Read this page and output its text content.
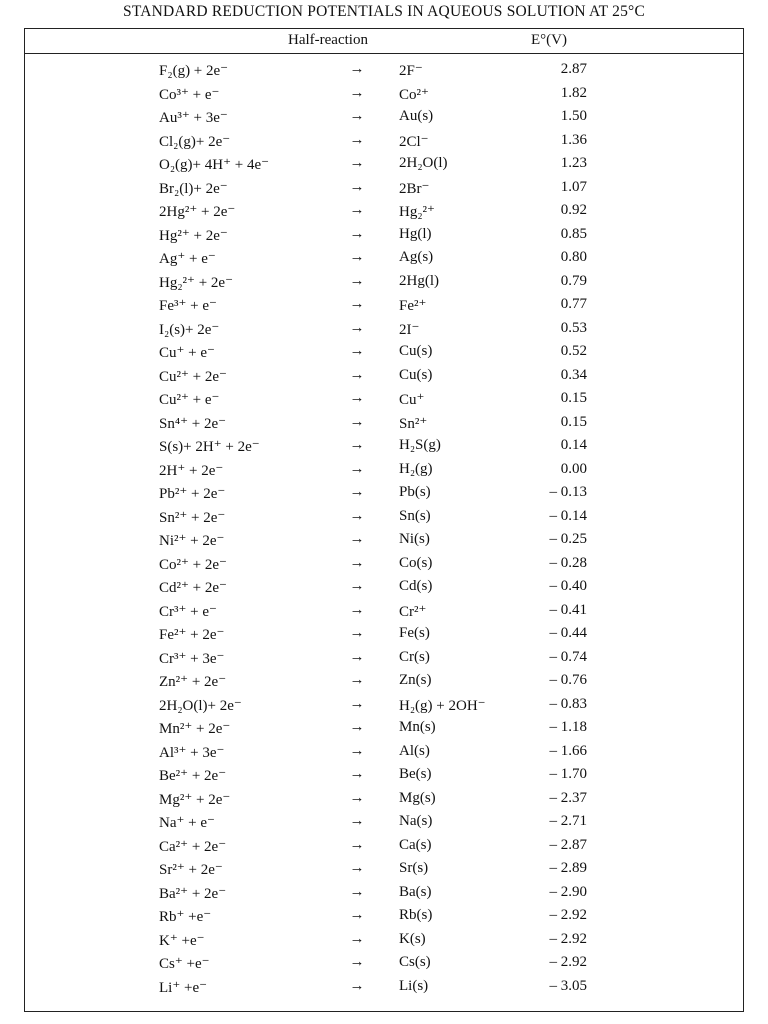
STANDARD REDUCTION POTENTIALS IN AQUEOUS SOLUTION AT 25°C
Half-reaction	E°(V)
F₂(g) + 2e⁻	→	2F⁻	2.87
Co³⁺ + e⁻	→	Co²⁺	1.82
Au³⁺ + 3e⁻	→	Au(s)	1.50
Cl₂(g)+ 2e⁻	→	2Cl⁻	1.36
O₂(g)+ 4H⁺ + 4e⁻	→	2H₂O(l)	1.23
Br₂(l)+ 2e⁻	→	2Br⁻	1.07
2Hg²⁺ + 2e⁻	→	Hg₂²⁺	0.92
Hg²⁺ + 2e⁻	→	Hg(l)	0.85
Ag⁺ + e⁻	→	Ag(s)	0.80
Hg₂²⁺ + 2e⁻	→	2Hg(l)	0.79
Fe³⁺ + e⁻	→	Fe²⁺	0.77
I₂(s)+ 2e⁻	→	2I⁻	0.53
Cu⁺ + e⁻	→	Cu(s)	0.52
Cu²⁺ + 2e⁻	→	Cu(s)	0.34
Cu²⁺ + e⁻	→	Cu⁺	0.15
Sn⁴⁺ + 2e⁻	→	Sn²⁺	0.15
S(s)+ 2H⁺ + 2e⁻	→	H₂S(g)	0.14
2H⁺ + 2e⁻	→	H₂(g)	0.00
Pb²⁺ + 2e⁻	→	Pb(s)	– 0.13
Sn²⁺ + 2e⁻	→	Sn(s)	– 0.14
Ni²⁺ + 2e⁻	→	Ni(s)	– 0.25
Co²⁺ + 2e⁻	→	Co(s)	– 0.28
Cd²⁺ + 2e⁻	→	Cd(s)	– 0.40
Cr³⁺ + e⁻	→	Cr²⁺	– 0.41
Fe²⁺ + 2e⁻	→	Fe(s)	– 0.44
Cr³⁺ + 3e⁻	→	Cr(s)	– 0.74
Zn²⁺ + 2e⁻	→	Zn(s)	– 0.76
2H₂O(l)+ 2e⁻	→	H₂(g) + 2OH⁻	– 0.83
Mn²⁺ + 2e⁻	→	Mn(s)	– 1.18
Al³⁺ + 3e⁻	→	Al(s)	– 1.66
Be²⁺ + 2e⁻	→	Be(s)	– 1.70
Mg²⁺ + 2e⁻	→	Mg(s)	– 2.37
Na⁺ + e⁻	→	Na(s)	– 2.71
Ca²⁺ + 2e⁻	→	Ca(s)	– 2.87
Sr²⁺ + 2e⁻	→	Sr(s)	– 2.89
Ba²⁺ + 2e⁻	→	Ba(s)	– 2.90
Rb⁺ +e⁻	→	Rb(s)	– 2.92
K⁺ +e⁻	→	K(s)	– 2.92
Cs⁺ +e⁻	→	Cs(s)	– 2.92
Li⁺ +e⁻	→	Li(s)	– 3.05
